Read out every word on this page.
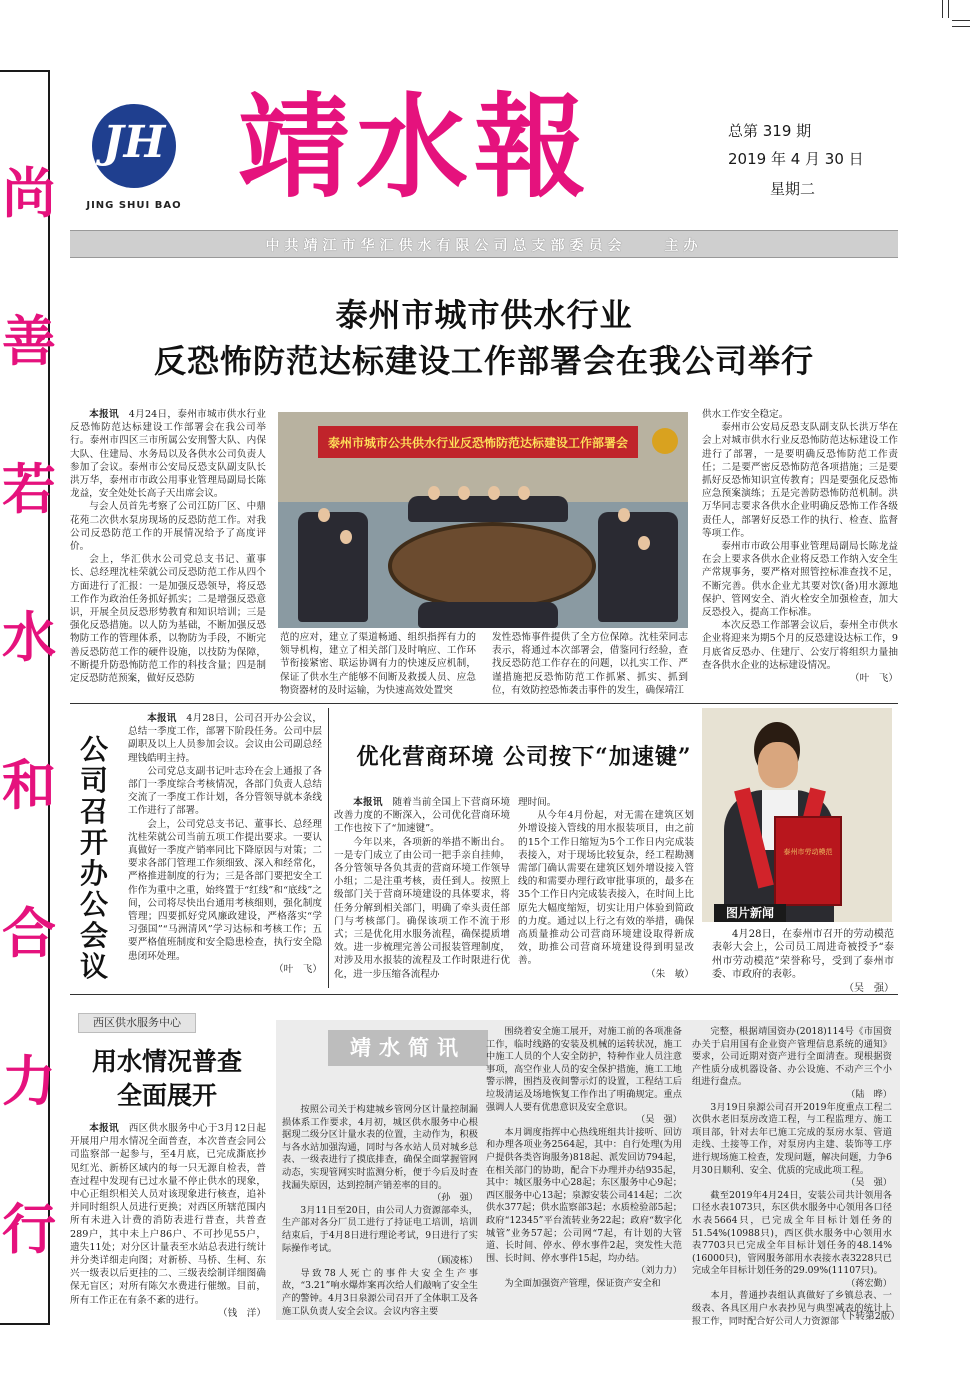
尚
善
若
水
和
合
力
行
JH
JING SHUI BAO 靖水報	总第 319 期
2019 年 4 月 30 日
星期二
中共靖江市华汇供水有限公司总支部委员会　　主办
泰州市城市供水行业
反恐怖防范达标建设工作部署会在我公司举行

本报讯　 4月24日，泰州市城市供水行业反恐怖防范达标建设工作部署会在我公司举行。泰州市四区三市所属公安刑警大队、内保大队、住建局、水务局以及各供水公司负责人参加了会议。泰州市公安局反恐支队副支队长洪万华，泰州市市政公用事业管理局副局长陈龙益，安全处处长高子天出席会议。

与会人员首先考察了公司江防厂区、中鼎花苑二次供水泵房现场的反恐防范工作。对我公司反恐防范工作的开展情况给予了高度评价。

会上，华汇供水公司党总支书记、董事长、总经理沈桂荣就公司反恐防范工作从四个方面进行了汇报：一是加强反恐领导，将反恐工作作为政治任务抓好抓实；二是增强反恐意识，开展全员反恐形势教育和知识培训；三是强化反恐措施。以人防为基础，不断加强反恐物防工作的管理体系，以物防为手段，不断完善反恐防范工作的硬件设施，以技防为保障，不断提升防恐怖防范工作的科技含量；四是制定反恐防范预案，做好反恐防

泰州市城市公共供水行业反恐怖防范达标建设工作部署会

范的应对，建立了渠道畅通、组织指挥有力的领导机构，建立了相关部门及时响应、工作环节衔接紧密、联运协调有力的快速反应机制，保证了供水生产能够不间断及救援人员、应急物资器材的及时运输，为快速高效处置突

发性恐怖事件提供了全方位保障。沈桂荣同志表示，将通过本次部署会，借鉴同行经验，查找反恐防范工作存在的问题，以扎实工作、严谨措施把反恐怖防范工作抓紧、抓实、抓到位，有效防控恐怖袭击事件的发生，确保靖江

供水工作安全稳定。

泰州市公安局反恐支队副支队长洪万华在会上对城市供水行业反恐怖防范达标建设工作进行了部署，一是要明确反恐怖防范工作责任；二是要严密反恐怖防范各项措施；三是要抓好反恐怖知识宣传教育；四是要强化反恐怖应急预案演练；五是完善防恐怖防范机制。洪万华同志要求各供水企业明确反恐怖工作各级责任人，部署好反恐工作的执行、检查、监督等项工作。

泰州市市政公用事业管理局副局长陈龙益在会上要求各供水企业将反恐工作纳入安全生产常规事务，要严格对照管控标准查找不足，不断完善。供水企业尤其要对饮(备)用水源地保护、管网安全、消火栓安全加强检查，加大反恐投入，提高工作标准。

本次反恐工作部署会议后，泰州全市供水企业将迎来为期5个月的反恐建设达标工作，9月底省反恐办、住建厅、公安厅将组织力量抽查各供水企业的达标建设情况。

（叶　飞）
公司召开办公会议

本报讯　 4月28日，公司召开办公会议，总结一季度工作，部署下阶段任务。公司中层副职及以上人员参加会议。会议由公司副总经理钱皓明主持。

公司党总支副书记叶志玲在会上通报了各部门一季度综合考核情况，各部门负责人总结交流了一季度工作计划，各分管领导就本条线工作进行了部署。

会上，公司党总支书记、董事长、总经理沈桂荣就公司当前五项工作提出要求。一要认真做好一季度产销率同比下降原因与对策；二要求各部门管理工作须细致、深入和经常化，严格推进制度的行为；三是各部门要把安全工作作为重中之重，始终置于“红线”和“底线”之间，公司将尽快出台通用考核细则，强化制度管理；四要抓好党风廉政建设，严格落实“学习强国”“马洲清风”学习达标和考核工作；五要严格值班制度和安全隐患检查，执行安全隐患闭环处理。

（叶　飞）
优化营商环境 公司按下“加速键”

本报讯　 随着当前全国上下营商环境改善力度的不断深入，公司优化营商环境工作也按下了“加速键”。

今年以来，各项新的举措不断出台。一是专门成立了由公司一把手亲自挂帅，各分管领导各负其责的营商环境工作领导小组；二是注重考核，责任到人。按照上级部门关于营商环境建设的具体要求，将任务分解到相关部门，明确了牵头责任部门与考核部门。确保该项工作不流于形式；三是优化用水服务流程，确保提质增效。进一步梳理完善公司报装管理制度，对涉及用水报装的流程及工作时限进行优化，进一步压缩各流程办

理时间。

从今年4月份起，对无需在建筑区划外增设接入管线的用水报装项目，由之前的15个工作日缩短为5个工作日内完成装表接入，对于现场比较复杂，经工程勘测需部门确认需要在建筑区划外增设接入管线的和需要办理行政审批事项的，最多在35个工作日内完成装表接入，在时间上比原先大幅度缩短，切实让用户体验到简政的力度。通过以上行之有效的举措，确保高质量推动公司营商环境建设取得新成效，助推公司营商环境建设得到明显改善。

（朱　敏）
泰州市劳动模范
图片新闻
4月28日，在泰州市召开的劳动模范表彰大会上，公司员工周进奇被授予“泰州市劳动模范”荣誉称号，受到了泰州市委、市政府的表彰。
（吴　强）
西区供水服务中心
用水情况普查
全面展开

本报讯　 西区供水服务中心于3月12日起开展用户用水情况全面普查，本次普查会同公司监察部一起参与，至4月底，已完成澌底抄见红光、新桥区域内的每一只无源自检表，普查过程中发现有已过水量不停止供水的现象，中心正组织相关人员对该现象进行核查，追补并同时组织人员进行更换；对西区所辖范围内所有未进入计费的消防表进行普查，共普查289户，其中未上户86户、不可抄见55户，遗失11处；对分区计量表至水站总表进行统计并分类详细走向图；对新桥、马桥、生柯、东兴一级表以后更挂的二、三级表绘制详细图确保无盲区；对所有陈欠水费进行催缴。目前，所有工作正在有条不紊的进行。

（钱　洋）
靖水简讯

按照公司关于构建城乡管网分区计量控制漏损体系工作要求，4月初，城区供水服务中心根据现二级分区计量水表的位置，主动作为，积极与各水站加强沟通，同时与各水站人员对城乡总表、一级表进行了摸底排查，确保全面掌握管网动态，实现管网实时监测分析，便于今后及时查找漏失原因，达到控制产销差率的目的。

（孙　强）

3月11日至20日，由公司人力资源部牵头，生产部对各分厂员工进行了持证电工培训，培训结束后，于4月8日进行理论考试，9日进行了实际操作考试。

（顾凌栋）

导致78人死亡的事件大安全生产事故，“3.21”响水爆炸案再次给人们敲响了安全生产的警钟。4月3日泉源公司召开了全体职工及各施工队负责人安全会议。会议内容主要

围绕着安全施工展开，对施工前的各项准备工作，临时线路的安装及机械的运转状况，施工中施工人员的个人安全防护，特种作业人员注意事项，高空作业人员的安全保护措施，施工工地警示牌，围挡及夜间警示灯的设置，工程结工后垃圾清运及场地恢复工作作出了明确规定。重点强调人人要有优患意识及安全意识。

（吴　强）

本月调度指挥中心热线班组共计接听、回访和办理各项业务2564起，其中：自行处理(为用户提供各类咨询服务)818起、派发回访794起，在相关部门的协助，配合下办理并办结935起，其中：城区服务中心28起；东区服务中心9起；西区服务中心13起；泉源安装公司414起；二次供水377起；供水监察部3起；水质检验部5起；政府“12345”平台流转业务22起；政府“数字化城管”业务57起；公司网“7起，有计划的大管道、长时间、停水、停水事件2起，突发性大范围、长时间、停水事件15起，均办结。

（刘力力）

为全面加强资产管理，保证资产安全和

完整，根据靖国资办(2018)114号《市国资办关于启用国有企业资产管理信息系统的通知》要求，公司近期对资产进行全面清查。现根据资产性质分成机器设备、办公设施、不动产三个小组进行盘点。

（陆　晔）

3月19日泉源公司召开2019年度重点工程二次供水老旧泵房改造工程，与工程监理方、施工项目部，针对去年已施工完成的泵房水泵、管道走线、土接等工作，对泵房内主建、装饰等工序进行规场施工检查，发现问题，解决问题，力争6月30日顺利、安全、优质的完成此项工程。

（吴　强）

截至2019年4月24日，安装公司共计领用各口径水表1073只，东区供水服务中心领用各口径水表5664只，已完成全年目标计划任务的51.54%(10988只)，西区供水服务中心领用水表7703只已完成全年目标计划任务的48.14%(16000只)，管网服务部用水表接水表3228只已完成全年目标计划任务的29.09%(11107只)。

（蒋宏勤）

本月，普通抄表组认真做好了乡镇总表、一级表、各具区用户水表抄见与典型减表的统计上报工作，同时配合好公司人力资源部

（下转第2版）
